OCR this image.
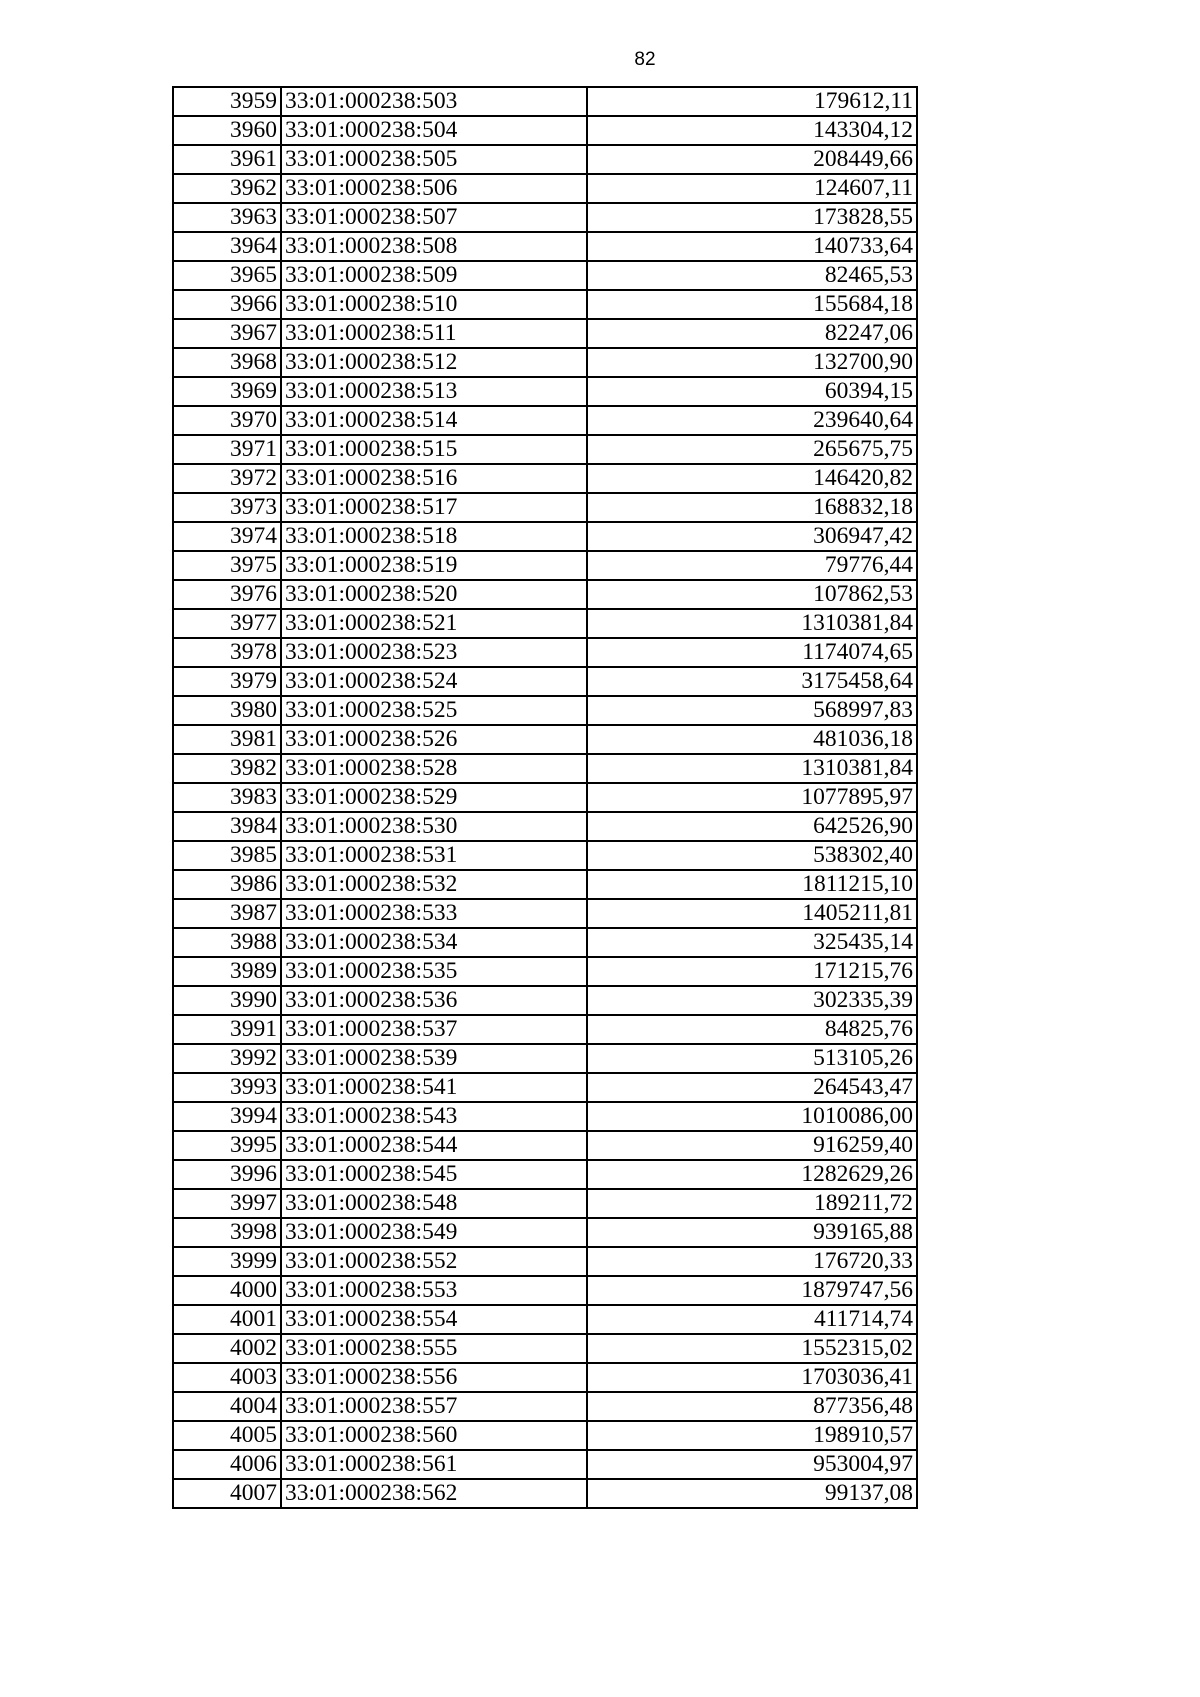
82
3959	33:01:000238:503	179612,11
3960	33:01:000238:504	143304,12
3961	33:01:000238:505	208449,66
3962	33:01:000238:506	124607,11
3963	33:01:000238:507	173828,55
3964	33:01:000238:508	140733,64
3965	33:01:000238:509	82465,53
3966	33:01:000238:510	155684,18
3967	33:01:000238:511	82247,06
3968	33:01:000238:512	132700,90
3969	33:01:000238:513	60394,15
3970	33:01:000238:514	239640,64
3971	33:01:000238:515	265675,75
3972	33:01:000238:516	146420,82
3973	33:01:000238:517	168832,18
3974	33:01:000238:518	306947,42
3975	33:01:000238:519	79776,44
3976	33:01:000238:520	107862,53
3977	33:01:000238:521	1310381,84
3978	33:01:000238:523	1174074,65
3979	33:01:000238:524	3175458,64
3980	33:01:000238:525	568997,83
3981	33:01:000238:526	481036,18
3982	33:01:000238:528	1310381,84
3983	33:01:000238:529	1077895,97
3984	33:01:000238:530	642526,90
3985	33:01:000238:531	538302,40
3986	33:01:000238:532	1811215,10
3987	33:01:000238:533	1405211,81
3988	33:01:000238:534	325435,14
3989	33:01:000238:535	171215,76
3990	33:01:000238:536	302335,39
3991	33:01:000238:537	84825,76
3992	33:01:000238:539	513105,26
3993	33:01:000238:541	264543,47
3994	33:01:000238:543	1010086,00
3995	33:01:000238:544	916259,40
3996	33:01:000238:545	1282629,26
3997	33:01:000238:548	189211,72
3998	33:01:000238:549	939165,88
3999	33:01:000238:552	176720,33
4000	33:01:000238:553	1879747,56
4001	33:01:000238:554	411714,74
4002	33:01:000238:555	1552315,02
4003	33:01:000238:556	1703036,41
4004	33:01:000238:557	877356,48
4005	33:01:000238:560	198910,57
4006	33:01:000238:561	953004,97
4007	33:01:000238:562	99137,08
